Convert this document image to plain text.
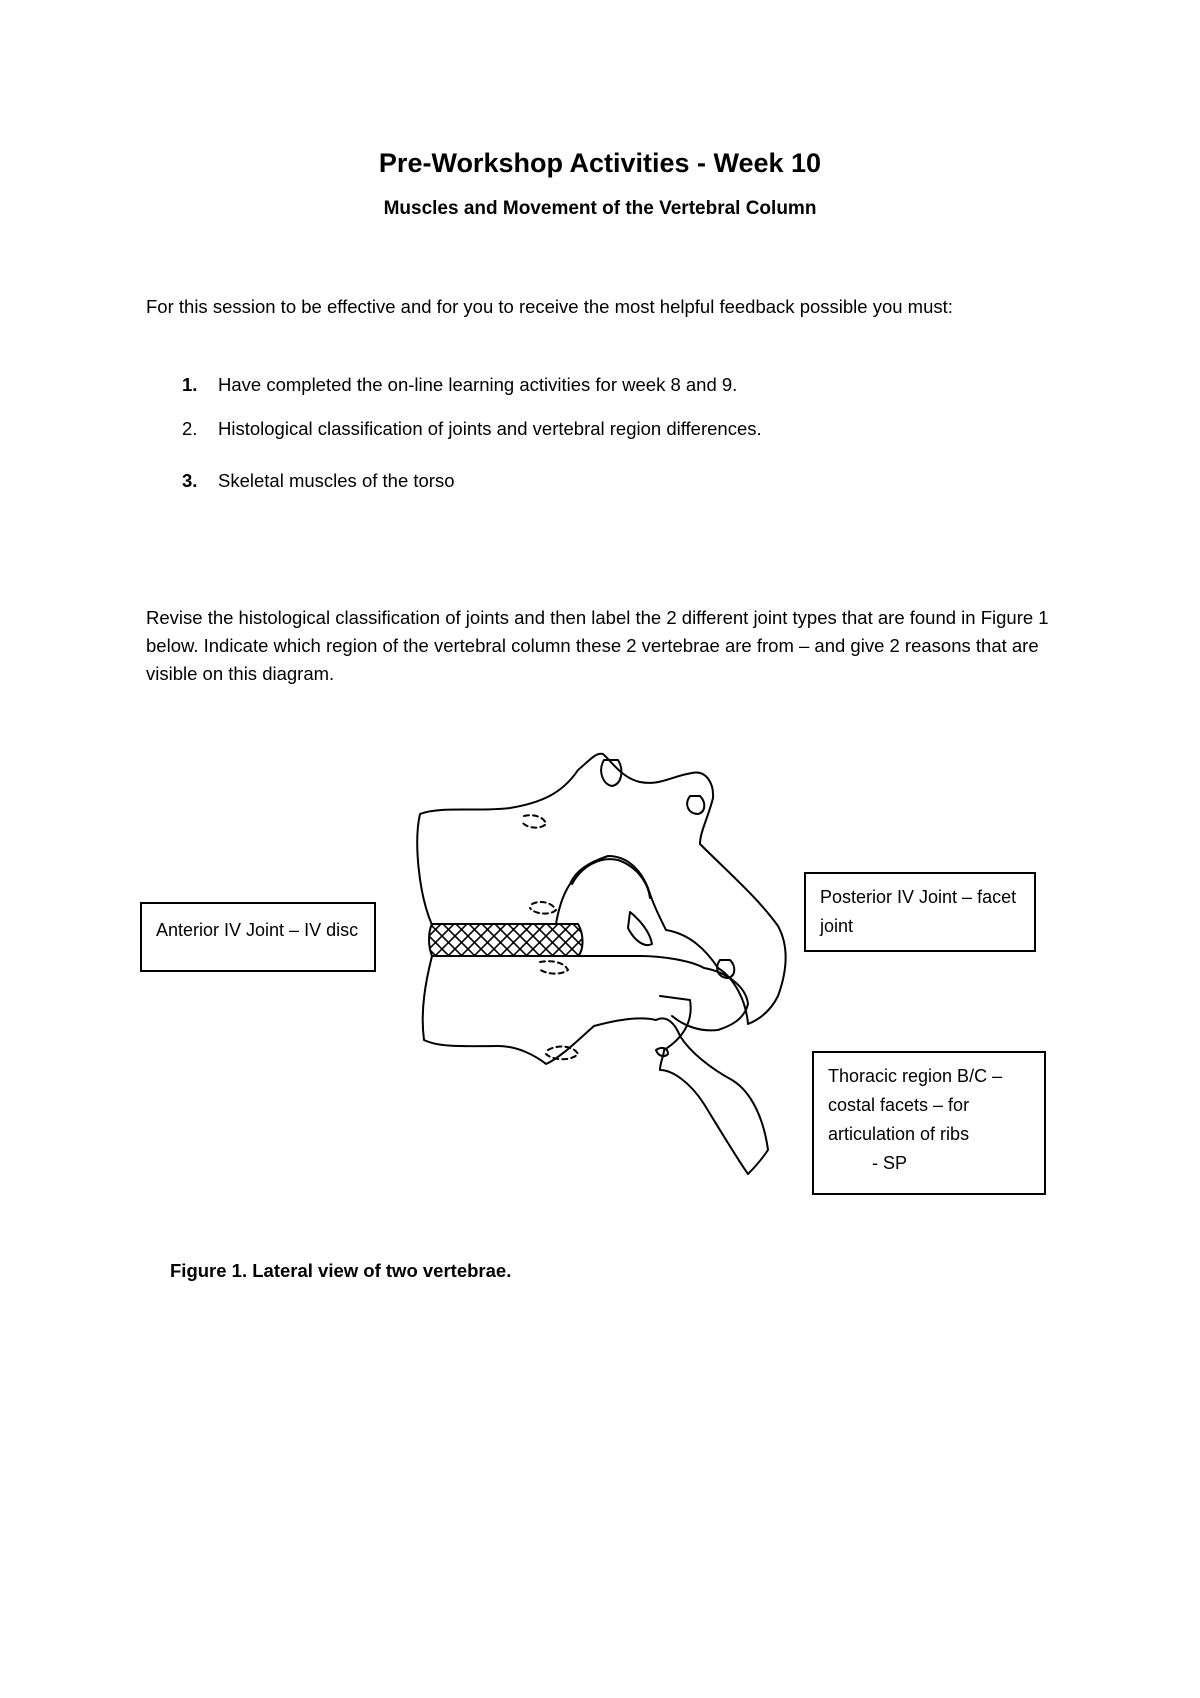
Pre-Workshop Activities - Week 10
Muscles and Movement of the Vertebral Column
For this session to be effective and for you to receive the most helpful feedback possible you must:
1. Have completed the on-line learning activities for week 8 and 9.
2. Histological classification of joints and vertebral region differences.
3. Skeletal muscles of the torso
Revise the histological classification of joints and then label the 2 different joint types that are found in Figure 1 below. Indicate which region of the vertebral column these 2 vertebrae are from – and give 2 reasons that are visible on this diagram.
Anterior IV Joint – IV disc
Posterior IV Joint – facet joint
Thoracic region B/C –
costal facets – for
articulation of ribs
- SP
Figure 1. Lateral view of two vertebrae.
